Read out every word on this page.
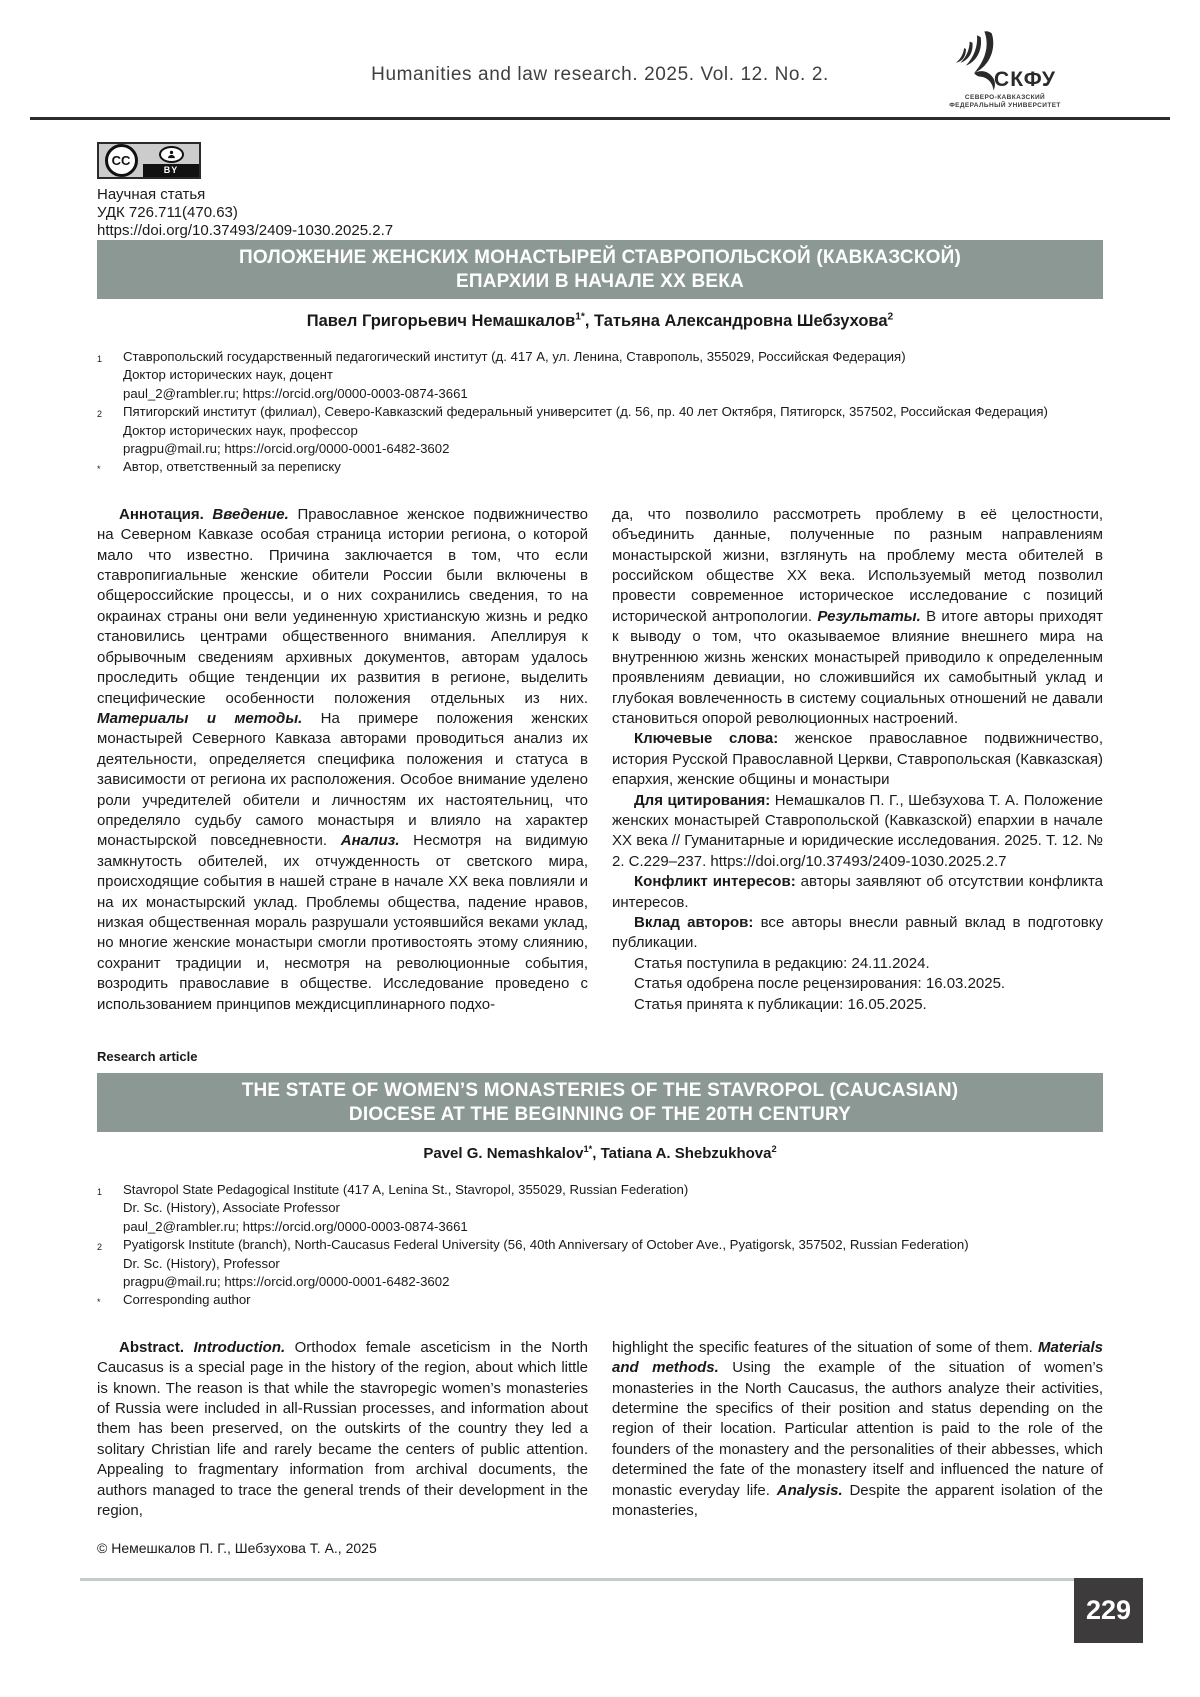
Humanities and law research. 2025. Vol. 12. No. 2.	СКФУ
СЕВЕРО-КАВКАЗСКИЙ
ФЕДЕРАЛЬНЫЙ УНИВЕРСИТЕТ
CC
BY

Научная статья

УДК 726.711(470.63)

https://doi.org/10.37493/2409-1030.2025.2.7

ПОЛОЖЕНИЕ ЖЕНСКИХ МОНАСТЫРЕЙ СТАВРОПОЛЬСКОЙ (КАВКАЗСКОЙ)
ЕПАРХИИ В НАЧАЛЕ XX ВЕКА
Павел Григорьевич Немашкалов$^{1*}$, Татьяна Александровна Шебзухова$^2$
1	Ставропольский государственный педагогический институт (д. 417 А, ул. Ленина, Ставрополь, 355029, Российская Федерация)

Доктор исторических наук, доцент

paul_2@rambler.ru; https://orcid.org/0000-0003-0874-3661

2	Пятигорский институт (филиал), Северо-Кавказский федеральный университет (д. 56, пр. 40 лет Октября, Пятигорск, 357502, Российская Федерация)

Доктор исторических наук, профессор

pragpu@mail.ru; https://orcid.org/0000-0001-6482-3602

*	Автор, ответственный за переписку

Аннотация. Введение. Православное женское подвижничество на Северном Кавказе особая страница истории региона, о которой мало что известно. Причина заключается в том, что если ставропигиальные женские обители России были включены в общероссийские процессы, и о них сохранились сведения, то на окраинах страны они вели уединенную христианскую жизнь и редко становились центрами общественного внимания. Апеллируя к обрывочным сведениям архивных документов, авторам удалось проследить общие тенденции их развития в регионе, выделить специфические особенности положения отдельных из них. Материалы и методы. На примере положения женских монастырей Северного Кавказа авторами проводиться анализ их деятельности, определяется специфика положения и статуса в зависимости от региона их расположения. Особое внимание уделено роли учредителей обители и личностям их настоятельниц, что определяло судьбу самого монастыря и влияло на характер монастырской повседневности. Анализ. Несмотря на видимую замкнутость обителей, их отчужденность от светского мира, происходящие события в нашей стране в начале XX века повлияли и на их монастырский уклад. Проблемы общества, падение нравов, низкая общественная мораль разрушали устоявшийся веками уклад, но многие женские монастыри смогли противостоять этому слиянию, сохранит традиции и, несмотря на революционные события, возродить православие в обществе. Исследование проведено с использованием принципов междисциплинарного подхо-

да, что позволило рассмотреть проблему в её целостности, объединить данные, полученные по разным направлениям монастырской жизни, взглянуть на проблему места обителей в российском обществе XX века. Используемый метод позволил провести современное историческое исследование с позиций исторической антропологии. Результаты. В итоге авторы приходят к выводу о том, что оказываемое влияние внешнего мира на внутреннюю жизнь женских монастырей приводило к определенным проявлениям девиации, но сложившийся их самобытный уклад и глубокая вовлеченность в систему социальных отношений не давали становиться опорой революционных настроений.

Ключевые слова: женское православное подвижничество, история Русской Православной Церкви, Ставропольская (Кавказская) епархия, женские общины и монастыри

Для цитирования: Немашкалов П. Г., Шебзухова Т. А. Положение женских монастырей Ставропольской (Кавказской) епархии в начале XX века // Гуманитарные и юридические исследования. 2025. Т. 12. № 2. С.229–237. https://doi.org/10.37493/2409-1030.2025.2.7

Конфликт интересов: авторы заявляют об отсутствии конфликта интересов.

Вклад авторов: все авторы внесли равный вклад в подготовку публикации.

Статья поступила в редакцию: 24.11.2024.

Статья одобрена после рецензирования: 16.03.2025.

Статья принята к публикации: 16.05.2025.

Research article
THE STATE OF WOMEN’S MONASTERIES OF THE STAVROPOL (CAUCASIAN)
DIOCESE AT THE BEGINNING OF THE 20TH CENTURY
Pavel G. Nemashkalov$^{1*}$, Tatiana A. Shebzukhova$^2$
1	Stavropol State Pedagogical Institute (417 A, Lenina St., Stavropol, 355029, Russian Federation)

Dr. Sc. (History), Associate Professor

paul_2@rambler.ru; https://orcid.org/0000-0003-0874-3661

2	Pyatigorsk Institute (branch), North-Caucasus Federal University (56, 40th Anniversary of October Ave., Pyatigorsk, 357502, Russian Federation)

Dr. Sc. (History), Professor

pragpu@mail.ru; https://orcid.org/0000-0001-6482-3602

*	Corresponding author

Abstract. Introduction. Orthodox female asceticism in the North Caucasus is a special page in the history of the region, about which little is known. The reason is that while the stavropegic women’s monasteries of Russia were included in all-Russian processes, and information about them has been preserved, on the outskirts of the country they led a solitary Christian life and rarely became the centers of public attention. Appealing to fragmentary information from archival documents, the authors managed to trace the general trends of their development in the region,

highlight the specific features of the situation of some of them. Materials and methods. Using the example of the situation of women’s monasteries in the North Caucasus, the authors analyze their activities, determine the specifics of their position and status depending on the region of their location. Particular attention is paid to the role of the founders of the monastery and the personalities of their abbesses, which determined the fate of the monastery itself and influenced the nature of monastic everyday life. Analysis. Despite the apparent isolation of the monasteries,

© Немешкалов П. Г., Шебзухова Т. А., 2025
229
